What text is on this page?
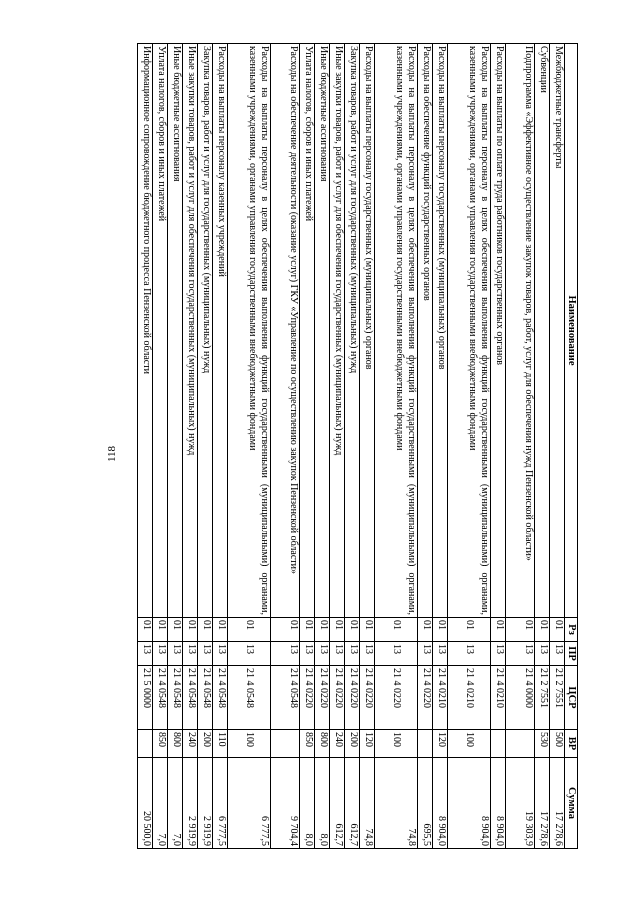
118
Наименование	Рз	ПР	ЦСР	ВР	Сумма
Межбюджетные трансферты	01	13	21 2 7551	500	17 278,6
Субвенции	01	13	21 2 7551	530	17 278,6
Подпрограмма «Эффективное осуществление закупок товаров, работ, услуг для обеспечения нужд Пензенской области»	01	13	21 4 0000		19 303,9
Расходы на выплаты по оплате труда работников государственных органов	01	13	21 4 0210		8 904,0
Расходы на выплаты персоналу в целях обеспечения выполнения функций государственными (муниципальными) органами, казенными учреждениями, органами управления государственными внебюджетными фондами	01	13	21 4 0210	100	8 904,0
Расходы на выплаты персоналу государственных (муниципальных) органов	01	13	21 4 0210	120	8 904,0
Расходы на обеспечение функций государственных органов	01	13	21 4 0220		695,5
Расходы на выплаты персоналу в целях обеспечения выполнения функций государственными (муниципальными) органами, казенными учреждениями, органами управления государственными внебюджетными фондами	01	13	21 4 0220	100	74,8
Расходы на выплаты персоналу государственных (муниципальных) органов	01	13	21 4 0220	120	74,8
Закупка товаров, работ и услуг для государственных (муниципальных) нужд	01	13	21 4 0220	200	612,7
Иные закупки товаров, работ и услуг для обеспечения государственных (муниципальных) нужд	01	13	21 4 0220	240	612,7
Иные бюджетные ассигнования	01	13	21 4 0220	800	8,0
Уплата налогов, сборов и иных платежей	01	13	21 4 0220	850	8,0
Расходы на обеспечение деятельности (оказание услуг) ГКУ «Управление по осуществлению закупок Пензенской области»	01	13	21 4 0548		9 704,4
Расходы на выплаты персоналу в целях обеспечения выполнения функций государственными (муниципальными) органами, казенными учреждениями, органами управления государственными внебюджетными фондами	01	13	21 4 0548	100	6 777,5
Расходы на выплаты персоналу казенных учреждений	01	13	21 4 0548	110	6 777,5
Закупка товаров, работ и услуг для государственных (муниципальных) нужд	01	13	21 4 0548	200	2 919,9
Иные закупки товаров, работ и услуг для обеспечения государственных (муниципальных) нужд	01	13	21 4 0548	240	2 919,9
Иные бюджетные ассигнования	01	13	21 4 0548	800	7,0
Уплата налогов, сборов и иных платежей	01	13	21 4 0548	850	7,0
Информационное сопровождение бюджетного процесса Пензенской области	01	13	21 5 0000		20 500,0
